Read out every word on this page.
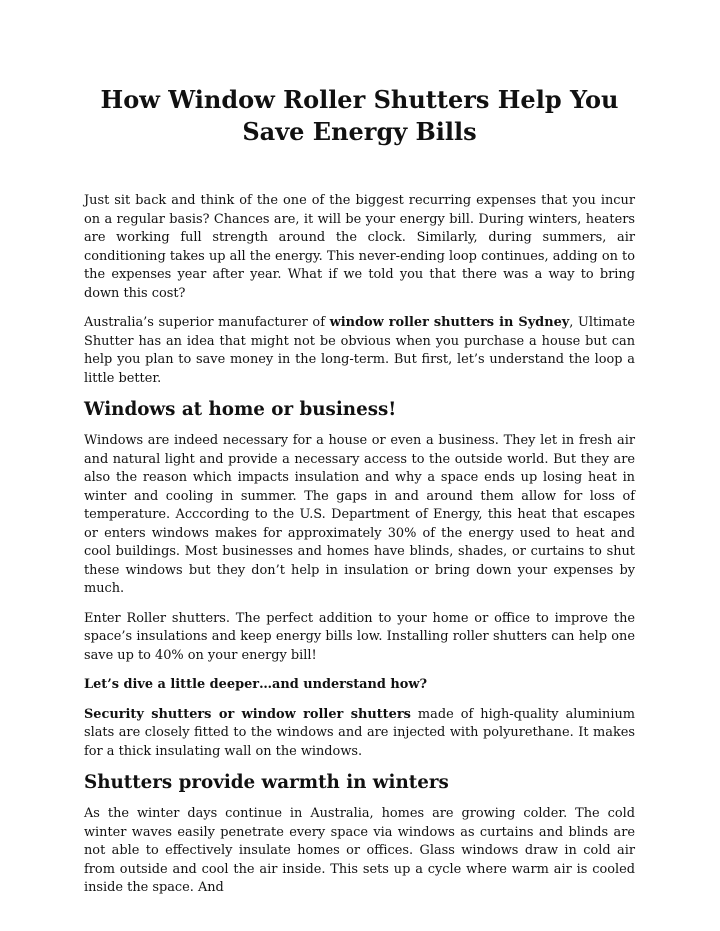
How Window Roller Shutters Help You Save Energy Bills

Just sit back and think of the one of the biggest recurring expenses that you incur on a regular basis? Chances are, it will be your energy bill. During winters, heaters are working full strength around the clock. Similarly, during summers, air conditioning takes up all the energy. This never-ending loop continues, adding on to the expenses year after year. What if we told you that there was a way to bring down this cost?

Australia’s superior manufacturer of window roller shutters in Sydney, Ultimate Shutter has an idea that might not be obvious when you purchase a house but can help you plan to save money in the long-term. But first, let’s understand the loop a little better.

Windows at home or business!

Windows are indeed necessary for a house or even a business. They let in fresh air and natural light and provide a necessary access to the outside world. But they are also the reason which impacts insulation and why a space ends up losing heat in winter and cooling in summer. The gaps in and around them allow for loss of temperature. Acccording to the U.S. Department of Energy, this heat that escapes or enters windows makes for approximately 30% of the energy used to heat and cool buildings. Most businesses and homes have blinds, shades, or curtains to shut these windows but they don’t help in insulation or bring down your expenses by much.

Enter Roller shutters. The perfect addition to your home or office to improve the space’s insulations and keep energy bills low. Installing roller shutters can help one save up to 40% on your energy bill!

Let’s dive a little deeper…and understand how?

Security shutters or window roller shutters made of high-quality aluminium slats are closely fitted to the windows and are injected with polyurethane. It makes for a thick insulating wall on the windows.

Shutters provide warmth in winters

As the winter days continue in Australia, homes are growing colder. The cold winter waves easily penetrate every space via windows as curtains and blinds are not able to effectively insulate homes or offices. Glass windows draw in cold air from outside and cool the air inside. This sets up a cycle where warm air is cooled inside the space. And
